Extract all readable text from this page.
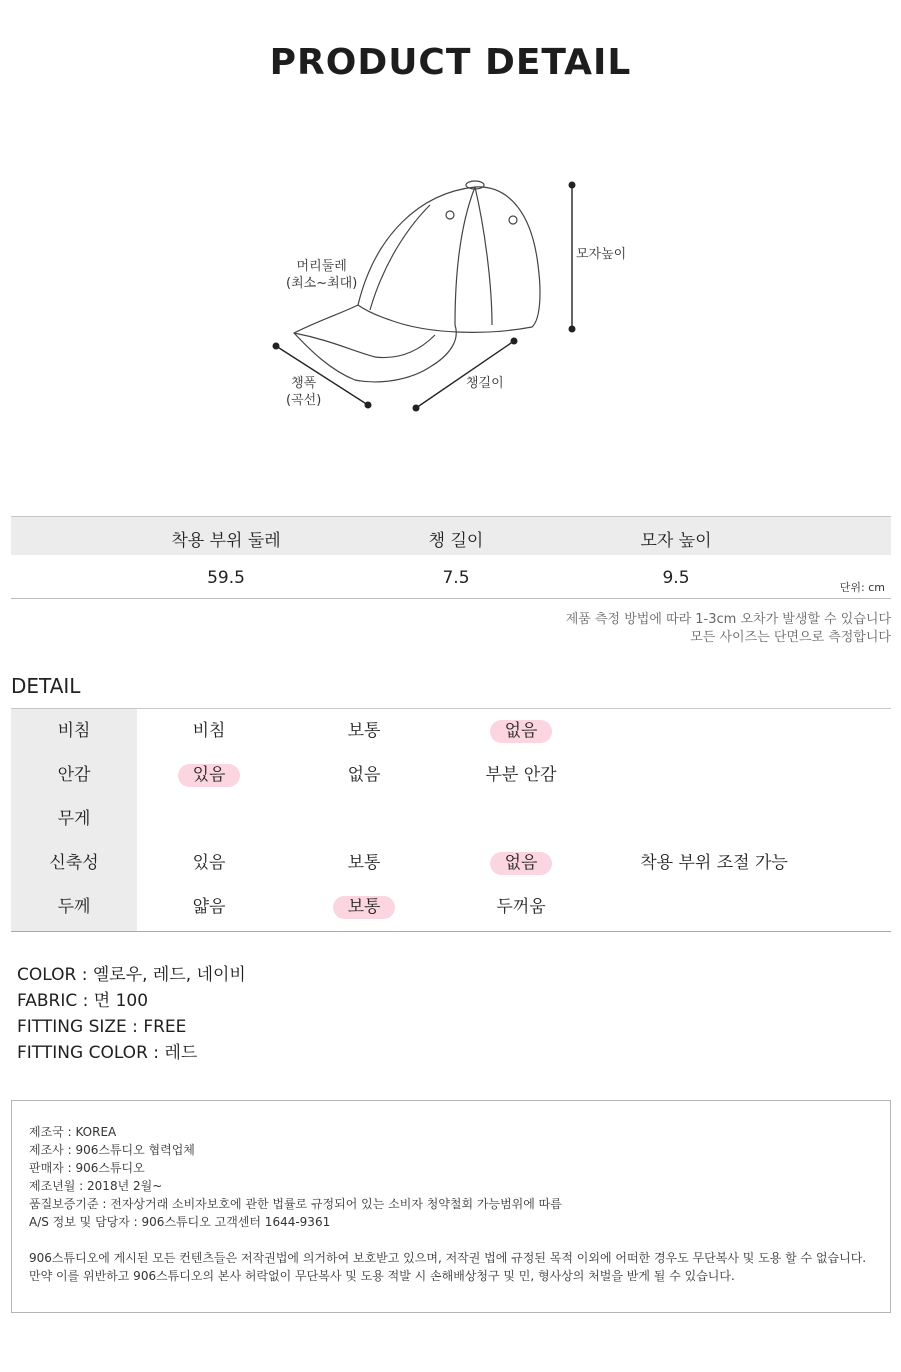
PRODUCT DETAIL
머리둘레
(최소~최대)
모자높이
챙폭
(곡선)
챙길이
착용 부위 둘레	챙 길이	모자 높이
59.5	7.5	9.5	단위: cm
제품 측정 방법에 따라 1-3cm 오차가 발생할 수 있습니다
모든 사이즈는 단면으로 측정합니다
DETAIL
비침	비침	보통	없음
안감	있음	없음	부분 안감
무게
신축성	있음	보통	없음	착용 부위 조절 가능
두께	얇음	보통	두꺼움
COLOR : 옐로우, 레드, 네이비
FABRIC : 면 100
FITTING SIZE : FREE
FITTING COLOR : 레드
제조국 : KOREA
제조사 : 906스튜디오 협력업체
판매자 : 906스튜디오
제조년월 : 2018년 2월~
품질보증기준 : 전자상거래 소비자보호에 관한 법률로 규정되어 있는 소비자 청약철회 가능범위에 따름
A/S 정보 및 담당자 : 906스튜디오 고객센터 1644-9361
906스튜디오에 게시된 모든 컨텐츠들은 저작권법에 의거하여 보호받고 있으며, 저작권 법에 규정된 목적 이외에 어떠한 경우도 무단복사 및 도용 할 수 없습니다.
만약 이를 위반하고 906스튜디오의 본사 허락없이 무단복사 및 도용 적발 시 손해배상청구 및 민, 형사상의 처벌을 받게 될 수 있습니다.
